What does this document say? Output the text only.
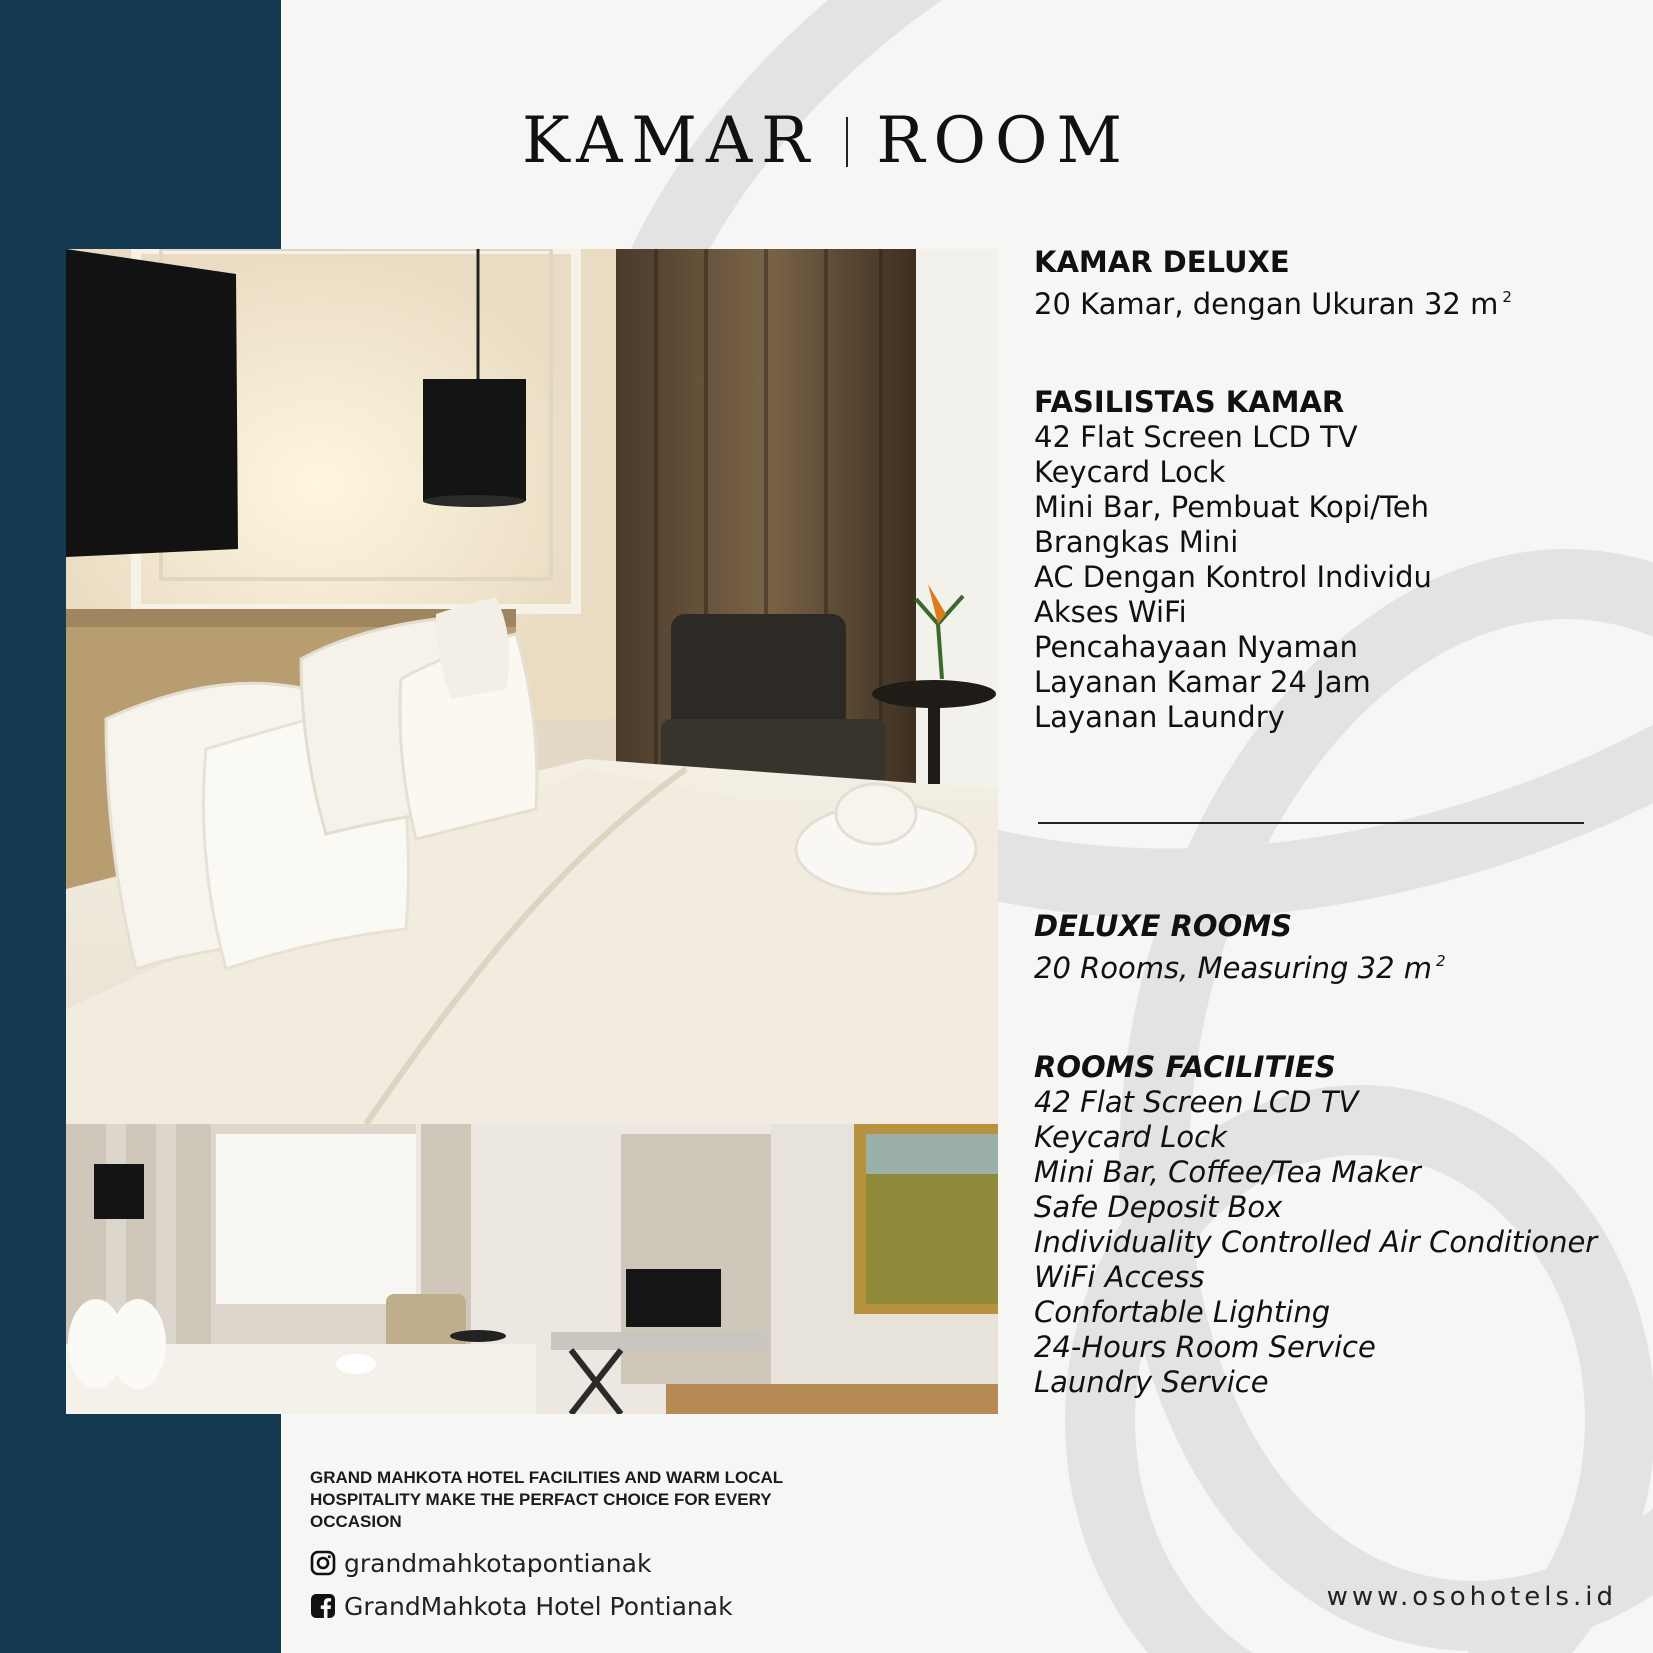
KAMAR ROOM
KAMAR DELUXE
20 Kamar, dengan Ukuran 32 m $^2$
FASILISTAS KAMAR
42 Flat Screen LCD TV
Keycard Lock
Mini Bar, Pembuat Kopi/Teh
Brangkas Mini
AC Dengan Kontrol Individu
Akses WiFi
Pencahayaan Nyaman
Layanan Kamar 24 Jam
Layanan Laundry
DELUXE ROOMS
20 Rooms, Measuring 32 m $^2$
ROOMS FACILITIES
42 Flat Screen LCD TV
Keycard Lock
Mini Bar, Coffee/Tea Maker
Safe Deposit Box
Individuality Controlled Air Conditioner
WiFi Access
Confortable Lighting
24-Hours Room Service
Laundry Service

GRAND MAHKOTA HOTEL FACILITIES AND WARM LOCAL HOSPITALITY MAKE THE PERFACT CHOICE FOR EVERY OCCASION

grandmahkotapontianak
GrandMahkota Hotel Pontianak	www.osohotels.id
